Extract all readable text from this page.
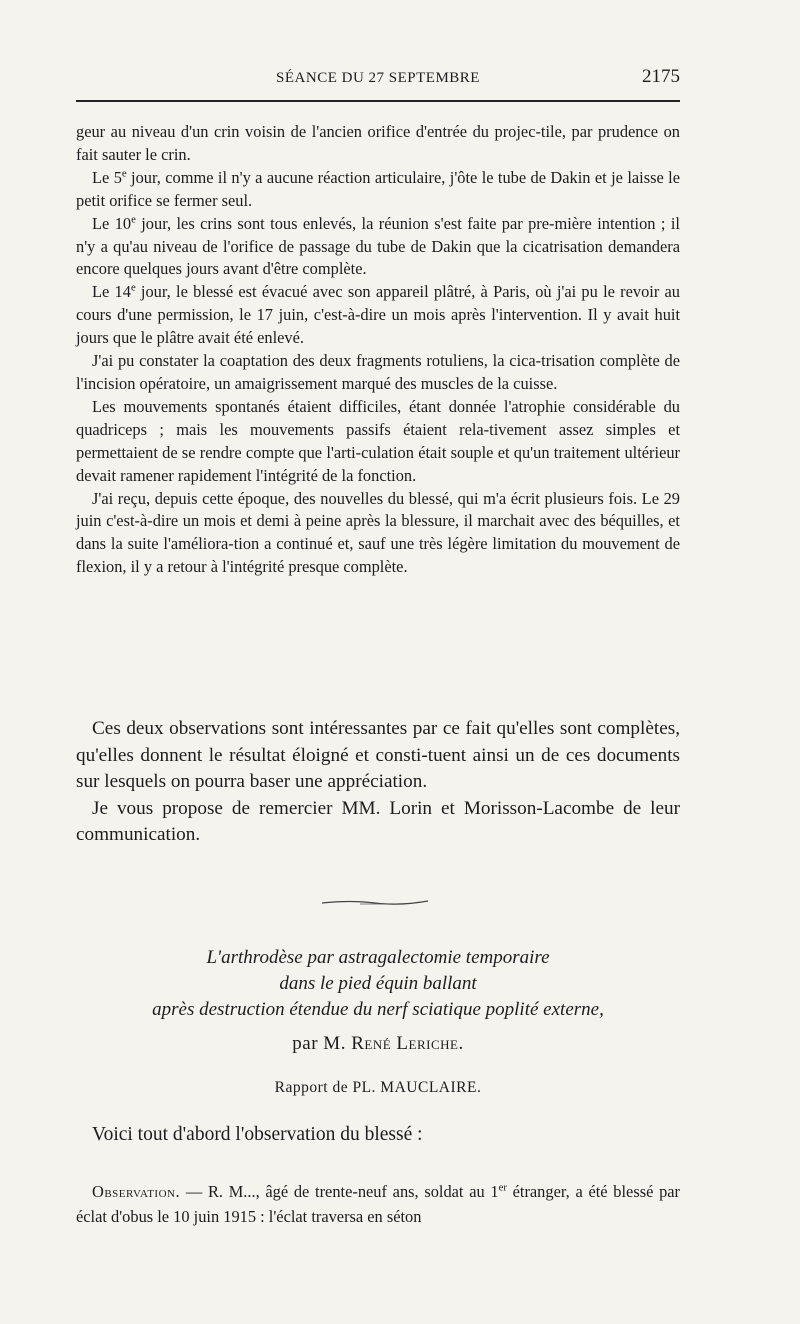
SÉANCE DU 27 SEPTEMBRE	2175

geur au niveau d'un crin voisin de l'ancien orifice d'entrée du projec-tile, par prudence on fait sauter le crin.

Le 5e jour, comme il n'y a aucune réaction articulaire, j'ôte le tube de Dakin et je laisse le petit orifice se fermer seul.

Le 10e jour, les crins sont tous enlevés, la réunion s'est faite par pre-mière intention ; il n'y a qu'au niveau de l'orifice de passage du tube de Dakin que la cicatrisation demandera encore quelques jours avant d'être complète.

Le 14e jour, le blessé est évacué avec son appareil plâtré, à Paris, où j'ai pu le revoir au cours d'une permission, le 17 juin, c'est-à-dire un mois après l'intervention. Il y avait huit jours que le plâtre avait été enlevé.

J'ai pu constater la coaptation des deux fragments rotuliens, la cica-trisation complète de l'incision opératoire, un amaigrissement marqué des muscles de la cuisse.

Les mouvements spontanés étaient difficiles, étant donnée l'atrophie considérable du quadriceps ; mais les mouvements passifs étaient rela-tivement assez simples et permettaient de se rendre compte que l'arti-culation était souple et qu'un traitement ultérieur devait ramener rapidement l'intégrité de la fonction.

J'ai reçu, depuis cette époque, des nouvelles du blessé, qui m'a écrit plusieurs fois. Le 29 juin c'est-à-dire un mois et demi à peine après la blessure, il marchait avec des béquilles, et dans la suite l'améliora-tion a continué et, sauf une très légère limitation du mouvement de flexion, il y a retour à l'intégrité presque complète.

Ces deux observations sont intéressantes par ce fait qu'elles sont complètes, qu'elles donnent le résultat éloigné et consti-tuent ainsi un de ces documents sur lesquels on pourra baser une appréciation.

Je vous propose de remercier MM. Lorin et Morisson-Lacombe de leur communication.

L'arthrodèse par astragalectomie temporaire
dans le pied équin ballant
après destruction étendue du nerf sciatique poplité externe,
par M. René Leriche.
Rapport de PL. MAUCLAIRE.
Voici tout d'abord l'observation du blessé :

Observation. — R. M..., âgé de trente-neuf ans, soldat au 1er étranger, a été blessé par éclat d'obus le 10 juin 1915 : l'éclat traversa en séton
